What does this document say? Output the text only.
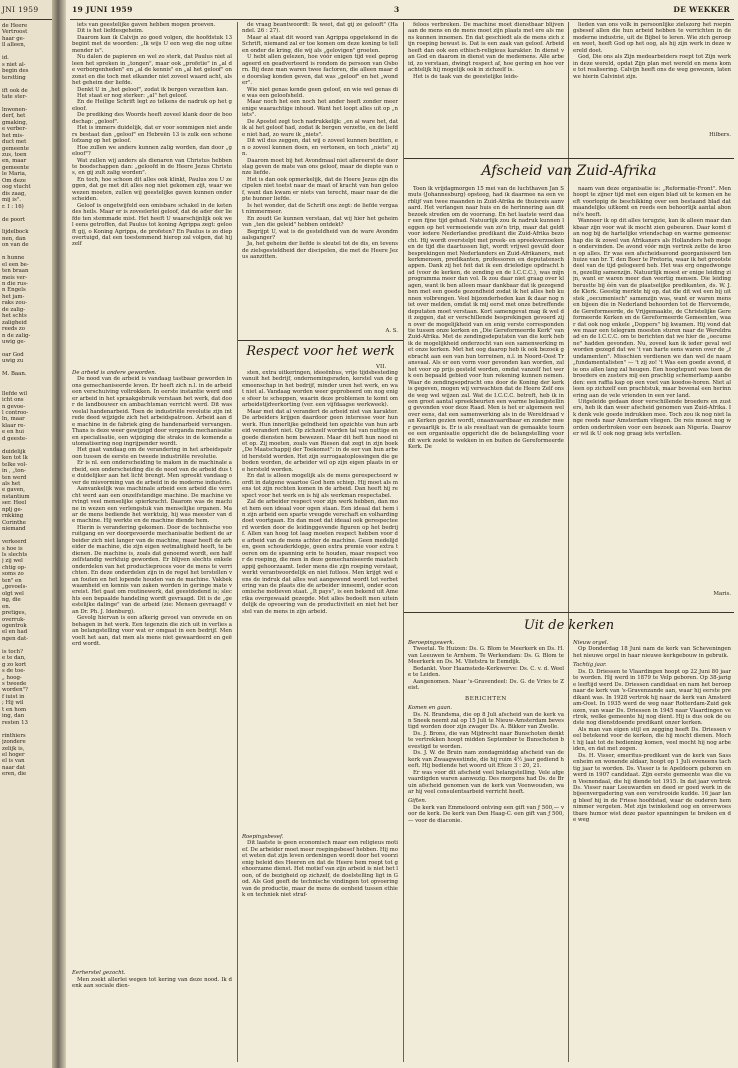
JNI 1959

de Heere

Vertroost

haar ge-

ll alleen,

id.

s niet al-

begin des

terstting

ift ook de

tate ster-

lnwonen-

derf, het

gmaking,

e verber-

het mis-

duct met

gemeente

zus, toen

en, maar

gemeente

le Maria,

Om deze

oog vlucht

dis zaag,

mij is".

r. I : 16)

de poort

lijdelbock

nen, dan

on van de

n hunne

el een be-

ten braan

meis ver-

n die rus-

n Engels

het jam-

raks zou-

de zalig-

het schts

zaligheid

reeds zo

n de zalig-

uwig ge-

oar God

uwig zu

M. Baan.

llefde wil

icht ons

n gevoe-

l controo-

ln, maar

klaar re-

e en hui

d geeste-

duidelijk

ken tot lk

telke vol-

in , „ton-

ten werd

als het

e gaven,

nstantium

ser. Heel

nplj ge-

rnkking

Corinthe

niemand

verkeerd

s hoe is

ls slechts

j zij wel

chtig op-

soms zo

ten" en

„gevoels-

olgt wel

ng, die

en.

pretiges,

overruk-

ogentrok

el en had

ngen dat-

is toch?

e te dan,

g zo kort

s de toe-

„ hoog-

s tweede

worden"?

f iuist in

; Hij wil

t en hom

ing, dan

resten 13

rinthiers

jzondere

zelijk is,

el hoger

el is van

naar dat

eren, die

19 JUNI 1959	3	DE WEKKER

iets van geestelijke gaven hebben mogen proeven.

Dit is het liefdesgeheim.

Daarom kan ik Calvijn zo goed volgen, die hoofdstuk 13 begint met de woorden: „Ik wijs U een weg die nog uitnemender is".

Nu dalen de papieren en wel zo sterk, dat Paulus niet alleen het spreken in „tongen", maar ook „profetie" in „al de verborgenheden" en „al de kennis" en „al het geloof" onzonst en die toch met elkander niet zoveel waard acht, als het geheim der liefde.

Denkt U in „het geloof", zodat ik bergen verzetten kan.

Het staat er nog sterker: „al" het geloof.

En de Heilige Schrift legt zo telkens de nadruk op het geloof.

De prediking des Woords heeft zoveel klank door de boodschap: „geloof".

Het is immers duidelijk, dat er voor sommigen niet anders bestaat dan „geloof" en Hebreën 13 is zulk een schone lofzang op het geloof.

Hoe zullen we anders kunnen zalig worden, dan door „geloof"?

Wat zullen wij anders als dienaren van Christus hebben te boodschappen dan: „geloofd in de Heere Jezus Christus, en gij zult zalig worden".

En toch, hoe schoon dit alles ook klinkt, Paulus zou U zeggen, dat ge met dit alles nog niet gekomen zijt, waar we wezen moeten, zullen wij geestelijke gaven kunnen onderscheiden.

Geloof is ongetwijfeld een omisbare schakel in de keten des heils. Maar er is zoveelerlei geloof, dat de ader der liefde ten stemmade mist. Het heeft U waarschijnlijk ook wel eens getroffen, dat Paulus tot koning Agrippa zegt: gelooft gij, o Koning Agrippa, de profeten? En Paulus is zo diep overtuigd, dat een toestemmend hierop zal volgen, dat hij zelf

de vraag beantwoordt: Ik weet, dat gij ze gelooft" (Handel. 26 : 27).

Maar al staat dit woord van Agrippa opgetekend in de Schrift, niemand zal er toe komen om deze koning te tellen onder de kring, die wij als „gelovigen" groeten.

U hebt allen gelezen, hoe vóór enigen tijd veel geprogageerd en geadverteerd is rondom de persoon van Osborn. Bij deze man waren twee factoren, die alleen maar de doorslag konden geven, dat was „geloof" en het „wonder".

Wie niet genas kende geen geloof, en wie wel genas die was een geloofsheld.

Maar noch het een noch het ander heeft zonder meer enige waarachtige inhoud. Want het loopt alles uit op „niets".

De Apostel zegt toch nadrukkelijk: „en al ware het, dat ik al het geloof had, zodat ik bergen verzette, en de liefde niet had, zo ware ik „niets".

Dit wil dus zeggen, dat wij o zoveel kunnen bezitten, en o zoveel kunnen doen, en vertonen, en toch „niets" zijn.

Daarom moet bij het Avondmaal niet allereerst de doorslag geven de mate van ons geloof, maar de diepte van onze liefde.

Het is dan ook opmerkelijk, dat de Heere Jezus zijn discipelen niet toetst naar de maat of kracht van hun geloof, want dan kwam er niets van terecht, maar naar de diepte hunner liefde.

Is het wonder, dat de Schrift ons zegt: de liefde vergaat nimmermeer.

En zoudt Ge kunnen verstaan, dat wij hier het geheim van „ten die geleid" hebben ontdekt?

Begrijpt U, wat is de gesteldheid van de ware Avondmaalsganger?

Ja, het geheim der liefde is sleutel tot de dis, en tevens de zielsgesteldheid der discipelen, die met de Heere Jezus aanzitten.

A. S.

feloos verbreken. De machine moet dienstbaar blijven aan de mens en de mens moet zijn plaats met ere als mens kunnen innemen. En dat geschiedt als de mens zich zijn roeping bewust is. Dat is een zaak van geloof. Arbeid heeft dan ook een ethisch-religieus karakter. In dienst van God en daarom in dienst van de medemens. Alle arbeid, zo verstaan, dwingt respect af, hoe gering en hoe verachtelijk hij mogelijk ook in zichzelf is.

Het is de taak van de geestelijke leids-

lieden van ons volk in persoonlijke zielszorg het roepingsbesef allen die hun arbeid hebben te verrichten in de moderne industrie, uit de Bijbel te leren. Wie zich geroepen weet, heeft God op het oog, als hij zijn werk in deze wereld doet.

God, Die ons als Zijn medearbeiders roept tot Zijn werk in deze wereld, opdat Zijn plan met wereld en mens kome tot realisering. Calvijn heeft ons de weg gewezen, laten we hierin Calvinist zijn.

Hilbers.
Respect voor het werk
VII.
De arbeid is andere geworden.

De nood van de arbeid is vandaag tastbaar geworden in ons gemechaniseerde leven. Er heeft zich n.l. in de arbeid een verschuiving voltrokken. In eerste instantie werd onder arbeid in het spraakgebruik verstaan het werk, dat door de landbouwer en ambachtsman verricht werd. Dit was veelal handenarbeid. Toen de industriële revolutie zijn intrede deed wijzigde zich het arbeidspatroon. Arbeid aan de machine in de fabriek ging de handenarbeid vervangen. Thans is deze weer gewijzigd door verganda mechanisatie en specialisatie, een wijziging die straks in de komende automatisering nog ingrijpender wordt.

Het gaat vandaag om de verandering in het arbeidspatroon tussen de eerste en tweede industriële revolutie.

Er is nl. een onderscheiding te maken in de machinale arbeid, een onderscheiding die de nood van de arbeid dus te duidelijker aan het licht brengt. Men spreekt vandaag over de misvorming van de arbeid in de moderne industrie.

Aanvankelijk was machinale arbeid een arbeid die verricht werd aan een onzelfstandige machine. De machine vervingt veel menselijke spierkracht. Daarom was de machine in wezen een verlengstuk van menselijke organen. Maar de mens bediende het werktuig, hij was meester van de machine. Hij werkte en de machine diende hem.

Hierin is verandering gekomen. Door de technische vooruitgang en ver doorgevoerde mechanisatie bedient de arbeider zich niet langer van de machine, maar heeft de arbeider de machine, die zijn eigen wetmatigheid heeft, te bedienen. De machine is, zoals dat genoemd wordt, een halfzelfstandig werktuig geworden. Er blijven slechts enkele onderdelen van het productieproces voor de mens te verrichten. En deze onderdelen zijn in de regel het terstellen van fouten en het lopende houden van de machine. Vakbekwaamheid en kennis van zaken worden in geringe mate vereist. Het gaat om routinewerk, dat geestdodend is; slechts een bepaalde handeling wordt gevraagd. Dit is de „geestelijke dalinge" van de arbeid (zie: Mensen gevraagd! van Dr. Ph. J. Idenburg).

Gevolg hiervan is een afkerig gevoel van onvrede en onbehagen in het werk. Een tegenzin die zich uit in verlies aan belangstelling voor wat er omgaat in een bedrijf. Men voelt het aan, dat men als mens niet gewaardeerd en geëerd wordt.

Eerherstel gezocht.

Men zoekt allerlei wegen tot kering van deze nood. Ik denk aan sociale dien-

sten, extra uitkeringen, ideeënbus, vrije tijdsbesteding vanuit het bedrijf, ondernemingsraden, kerstel van de gemeenschap in het bedrijf, minder uren het werk, en wat niet al. Vandaag worden weer geprobeerd om nog enige sfeer te scheppen, waarin deze problemen te komt om arbeidstijdverkorting (ver. een vijfdaagse werkweek).

Maar met dat al verandert de arbeid niet van karakter. De arbeiders krijgen daardoor geen interesse voor hun werk. Hun innerlijke geïndheid ten opzichte van hun arbeid verandert niet. Op zichzelf worden tal van nuttige en goede diensten hem bewezen. Maar dit heft hun nood niet op. Zij moeten, zoals van Riesen dat zegt in zijn boek „De Maatschappij der Toekomst": in de eer van hun arbeid hersteld worden. Het zijn surrogaatoplossingen die geboden worden, de arbeider wil op zijn eigen plaats in ere hersteld worden.

En dat is alleen mogelijk als de mens gerespecteerd wordt in datgene waartoe God hem schiep. Hij moet als mens tot zijn rechten komen in de arbeid. Dan heeft hij respect voor het werk en is hij als werkman respectabel.

Zal de arbeider respect voor zijn werk hebben, dan moet hem een ideaal voor ogen staan. Een ideaal dat hem in zijn arbeid een sparte vreugde verschaft en volharding doet voortgaan. En dan moet dat ideaal ook gerespecteerd worden door de leidinggevende figuren op het bedrijf. Allen van hoog tot laag moeten respect hebben voor de arbeid van de mens achter de machine. Geen medelijden, geen schouderklopje, geen extra premie voor extra toeren om de spanning erin te houden, maar respect voor de roeping, die men in deze gemechaniseerde maatschappij gehoorzaamt. Ieder mens die zijn roeping verstaat, werkt verantwoordelijk en niet futloos. Men krijgt wel eens de indruk dat alles wat aangewend wordt tot verbetering van de plaats die de arbeider inneemt, onder economische motieven staat. „It pays", is een bekend uit Amerika overgewaaid gezegde. Met alles bedoelt men uiteindelijk de opvoering van de productiviteit en niet het herstel van de mens in zijn arbeid.

Roepingsbesef.

Dit laatste is geen economisch maar een religieus motief. De arbeider moet meer roepingsbesef hebben. Hij moet weten dat zijn leven ordeningen wordt door het voorzienig beleid des Heeren en dat de Heere hem roept tot gehoorzame dienst. Het motief van zijn arbeid is niet het loon, of de bezigheid op zichzelf, de doelstelling ligt in God. Als God geeft de technische vindingen tot opvoering van de productie, maar de mens de eenheid tussen ethiek en techniek niet straf-

Afscheid van Zuid-Afrika

Toen ik vrijdagmorgen 15 mei van de luchthaven Jan Smuts (Johannesburg) opsteeg, had ik daarmee na een verblijf van twee maanden in Zuid-Afrika de thuisreis aanvaard. Het verlangen naar huis en de herinnering aan dit bezoek streden om de voorrang. En het laatste werd daar een fijne tijd gehad. Natuurlijk zou ik nadruk kunnen leggen op het vermoeiende van zo'n trip, maar dat geldt voor iedere Nederlandse predikant die Zuid-Afrika bezocht. Hij wordt overstelpt met preek- en spreekverzoeken en de tijd die daartussen ligt, wordt vrijwel gevuld door besprekingen met Nederlanders en Zuid-Afrikaners, met kerkmensen, predikanten, professoren en deputatenschappen. Dank zij het feit dat ik een drieledige opdracht had (voor de kerken, de zending en de I.C.C.C.), was mijn programma meer dan vol. Ik zou daar niet graag over klagen, want ik ben alleen maar dankbaar dat ik gezegend ben met een goede gezondheid zodat ik het alles heb kunnen volbrengen. Veel bijzonderheden kan ik daar nog niet over melden, omdat ik mij eerst met onze betreffende deputaten moet verstaan. Kort samengevat mag ik wel dit zeggen, dat er verschillende besprekingen gevoerd zijn over de mogelijkheid van en enig verste correspondentie tussen onze kerken en „Die Gereformeerde Kerk" van Zuid-Afrika. Met de zendingsdeputaten van die kerk heb ik de mogelijkheid onderzocht van een samenwerking met onze kerken. Met het oog daarop heb ik ook bezoek gebracht aan een van hun terreinen, n.l. in Noord-Oost Transvaal. Als er een vorm voor gevonden kan worden, zal het voor op prijs gesteld worden, omdat vanzelf het werk een bepaald gebied voor hun rekening kunnen nemen. Waar de zendingsopdracht ons door de Koning der kerk is gegeven, mogen wij verwachten dat de Heere Zelf ons de weg wel wijzen zal. Wat de I.C.C.C. betreft, heb ik in een groot aantal spreekbeurten een warme belangstelling gevonden voor deze Raad. Men is het er algemeen wel over eens, dat een samenwerking als in de Wereldraad van Kerken gezien wordt, onaanvaardbaar en zonder meer gevaarlijk is. Er is als resultaat van de gemaakte tournee een organisatie opgericht die de belangstelling voor dit werk zoekt te wekken in en buiten de Gereformeerde Kerk. De

naam van deze organisatie is: „Reformatie-Front". Men hoopt te zijner tijd met een eigen blad uit te komen en heeft voorlopig de beschikking over een bestaand blad dat maandelijks uitkomt en reeds een behoorlijk aantal abonné's heeft.

Wanneer ik op dit alles terugzie, kan ik alleen maar dankbaar zijn voor wat ik mocht zien gebeuren. Daar komt dan nog bij de hartelijke vriendschap en warme gemeenschap die ik zowel van Afrikaners als Hollanders heb mogen ondervinden. De avond vóór mijn vertrek zette de kroon op alles. Er was een afscheidsavond georganiseerd ten huize van br. T. den Boer te Pretoria, waar ik het grootste deel van de tijd gelogeerd heb. Het was erg ongedwongen, gezellig samenzijn. Natuurlijk moest er enige leiding zijn, want er waren meer dan veertig mensen. Die leiding berustte bij één van de plaatselijke predikanten, ds. W. J. de Klerk. Geestig merkte hij op, dat die dit wel een bij uitstek „oecumenisch" samenzijn was, want er waren mensen bijeen die in Nederland behoorden tot de Hervormde, de Gereformeerde, de Vrijgemaakte, de Christelijke Gereformeerde Kerken en de Gereformeerde Gemeenten, waar dat ook nog enkele „Doppers" bij kwamen. Hij vond dat we maar een telegram moesten sturen naar de Wereldraad en de I.C.C.C. om te berichten dat we hier de „oecumene" hadden gevonden. Nu, zoveel kan ik ieder geval wel worden gezegd dat we 't van harte eens waren over de „fundamenten". Misschien verdienen we dan wel de naam „fundamentalisten" — 't zij zo! 't Was een goede avond, die ons allen lang zal heugen. Een hoogtepunt was toen de broeders en zusters mij een prachtig schemerlamp aanboden: een raffia kap op een voet van koedoe-horen. Niet alleen op zichzelf een prachtstuk, maar bovenal een herinnering aan de vele vrienden in een ver land.

Uitgeleide gedaan door verschillende broeders en zusters, heb ik dan weer afscheid genomen van Zuid-Afrika. Ik denk vele goede indrukken mee. Toch zou ik nog niet lange reeds naar Amsterdam vliegen. De reis moest nog worden onderbroken voor een bezoek aan Nigeria. Daarover wil ik U ook nog graag iets vertellen.

Maris.
Uit de kerken
Beroepingswerk.

Tweetal. Te Huizen: Ds. G. Blom te Meerkerk en Ds. H. van Leeuwen te Arnhem. Te Werkendam: Ds. G. Blom te Meerkerk en Ds. M. Vlietstra te Eemdijk.

Bedankt. Voor Haamstede-Kerkwerve: Ds. C. v. d. Weele te Leiden.

Aangenomen. Naar 's-Gravendeel: Ds. G. de Vries te Zeist.

BERICHTEN
Komen en gaan.

Ds. N. Brandsma, die op 8 Juli afscheid van de kerk van Sneek neemt zal op 15 Juli te Nieuw-Amsterdam bevestigd worden door zijn zwager Ds. A. Bikker van Zwolle.

Ds. J. Brons, die van Mijdrecht naar Bunschoten denkt te vertrekken hoopt midden September te Bunschoten bevestigd te worden.

Ds. J. W. de Bruin nam zondagmiddag afscheid van de kerk van Zwaagwestinde, die hij ruim 4½ jaar gediend heeft. Hij bediende het woord uit Efeze 3 : 20, 21.

Er was voor dit afscheid veel belangstelling. Vele afgevaardigden waren aanwezig. Des morgens had Ds. de Bruin afscheid genomen van de kerk van Veenwouden, waar hij veel consulentsarbeid verricht heeft.

Giften.

De kerk van Emmeloord ontving een gift van ƒ 500,— voor de kerk. De kerk van Den Haag-C. een gift van ƒ 500,— voor de diaconie.

Nieuw orgel.

Op Donderdag 18 Juni nam de kerk van Scheveningen het nieuwe orgel in haar nieuwe kerkgebouw in gebruik.

Tachtig jaar.

Ds. D. Driessen te Vlaardingen hoopt op 22 Juni 80 jaar te worden. Hij werd in 1879 te Velp geboren. Op 38-jarige leeftijd werd Ds. Driessen candidaat en nam het beroep naar de kerk van 's-Gravenzande aan, waar hij eerste predikant was. In 1928 vertrok hij naar de kerk van Amsterdam-Oost. In 1935 werd de weg naar Rotterdam-Zuid gekozen, van waar Ds. Driessen in 1945 naar Vlaardingen vertrok, welke gemeente hij nog dient. Hij is dus ook de oudste nog dienstdoende predikant onzer kerken.

Als man van eigen stijl en zegging heeft Ds. Driessen veel betekend voor de kerken, die hij mocht dienen. Mocht hij laat tot de bediening komen, veel mocht hij nog arbeiden, en dat met zegen.

Ds. H. Visser, emeritus-predikant van de kerk van Sassenheim en wonende aldaar, hoopt op 1 Juli eveneens tachtig jaar te worden. Ds. Visser is te Apeldoorn geboren en werd in 1907 candidaat. Zijn eerste gemeente was die van Veenendaal, die hij diende tot 1915. In dat jaar vertrok Ds. Visser naar Leeuwarden en deed er goed werk in de bijeenvergadering van een verstrooide kudde. 16 jaar lang bleef hij in de Friese hoofdstad, waar de ouderen hem nimmer vergeten. Met zijn twinkelend oog en onverwoestbare humor wist deze pastor spanningen te breken en de weg
